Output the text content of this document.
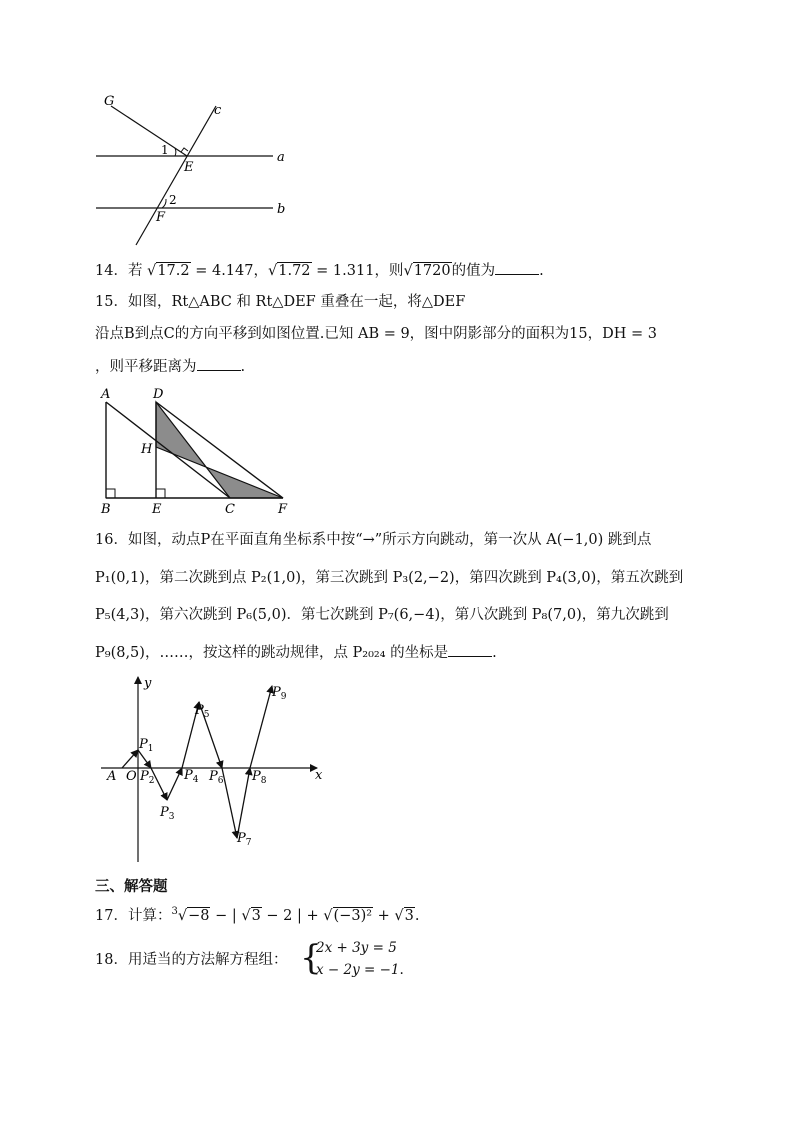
G
c
a
b
E
F
1
2
14．若 √17.2 = 4.147，√1.72 = 1.311，则√1720的值为	.
15．如图，Rt△ABC 和 Rt△DEF 重叠在一起，将△DEF
沿点B到点C的方向平移到如图位置.已知 AB = 9，图中阴影部分的面积为15，DH = 3
，则平移距离为	.
A	D
H
B	E	C	F
16．如图，动点P在平面直角坐标系中按“→”所示方向跳动，第一次从 A(−1,0) 跳到点
P₁(0,1)，第二次跳到点 P₂(1,0)，第三次跳到 P₃(2,−2)，第四次跳到 P₄(3,0)，第五次跳到
P₅(4,3)，第六次跳到 P₆(5,0)．第七次跳到 P₇(6,−4)，第八次跳到 P₈(7,0)，第九次跳到
P₉(8,5)，……，按这样的跳动规律，点 P₂₀₂₄ 的坐标是	.
y
x
A O
$P_1$
$P_2$
$P_3$
$P_4$
$P_5$
$P_6$
$P_7$
$P_8$
$P_9$
三、解答题
17．计算：$^3$√−8 − | √3 − 2 | + √(−3)² + √3.
18．用适当的方法解方程组： {
2x + 3y = 5
x − 2y = −1.
